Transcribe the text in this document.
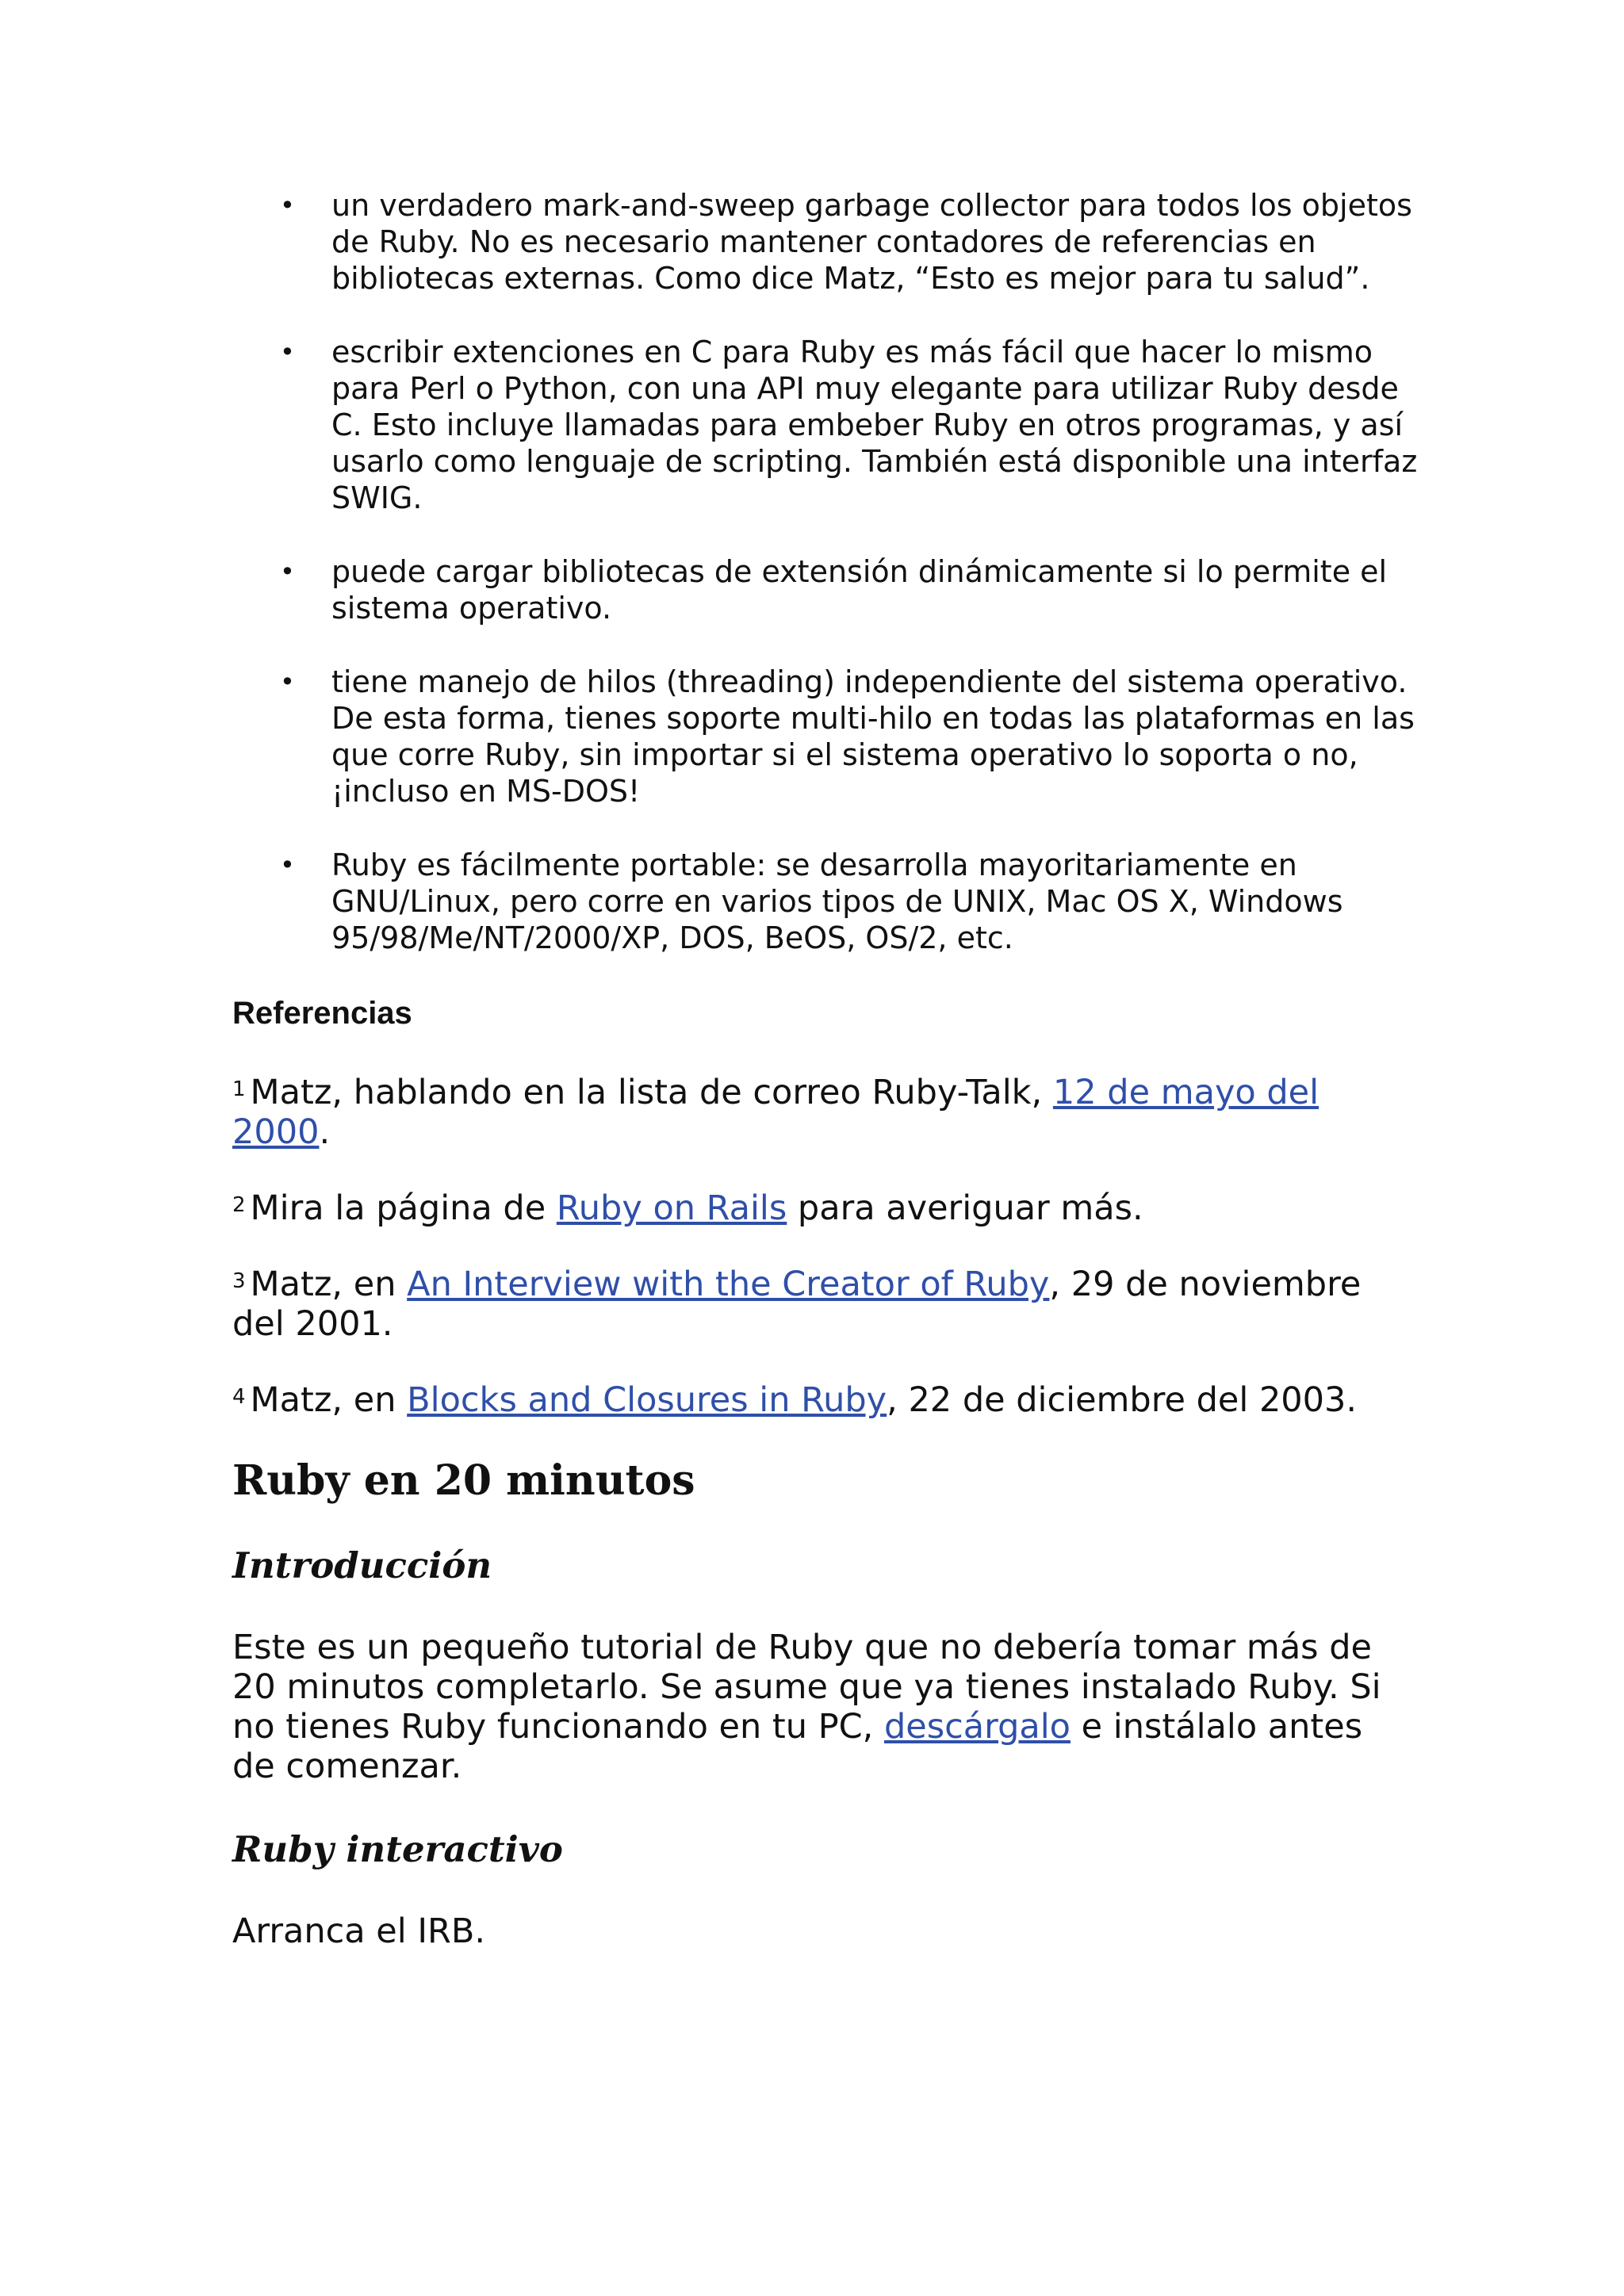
• un verdadero mark-and-sweep garbage collector para todos los objetos de Ruby. No es necesario mantener contadores de referencias en bibliotecas externas. Como dice Matz, “Esto es mejor para tu salud”.
• escribir extenciones en C para Ruby es más fácil que hacer lo mismo para Perl o Python, con una API muy elegante para utilizar Ruby desde C. Esto incluye llamadas para embeber Ruby en otros programas, y así usarlo como lenguaje de scripting. También está disponible una interfaz SWIG.
• puede cargar bibliotecas de extensión dinámicamente si lo permite el sistema operativo.
• tiene manejo de hilos (threading) independiente del sistema operativo. De esta forma, tienes soporte multi-hilo en todas las plataformas en las que corre Ruby, sin importar si el sistema operativo lo soporta o no, ¡incluso en MS-DOS!
• Ruby es fácilmente portable: se desarrolla mayoritariamente en GNU/Linux, pero corre en varios tipos de UNIX, Mac OS X, Windows 95/98/Me/NT/2000/XP, DOS, BeOS, OS/2, etc.
Referencias
$^1$ Matz, hablando en la lista de correo Ruby-Talk, 12 de mayo del 2000.
$^2$ Mira la página de Ruby on Rails para averiguar más.
$^3$ Matz, en An Interview with the Creator of Ruby, 29 de noviembre del 2001.
$^4$ Matz, en Blocks and Closures in Ruby, 22 de diciembre del 2003.
Ruby en 20 minutos
Introducción

Este es un pequeño tutorial de Ruby que no debería tomar más de 20 minutos completarlo. Se asume que ya tienes instalado Ruby. Si no tienes Ruby funcionando en tu PC, descárgalo e instálalo antes de comenzar.

Ruby interactivo

Arranca el IRB.
